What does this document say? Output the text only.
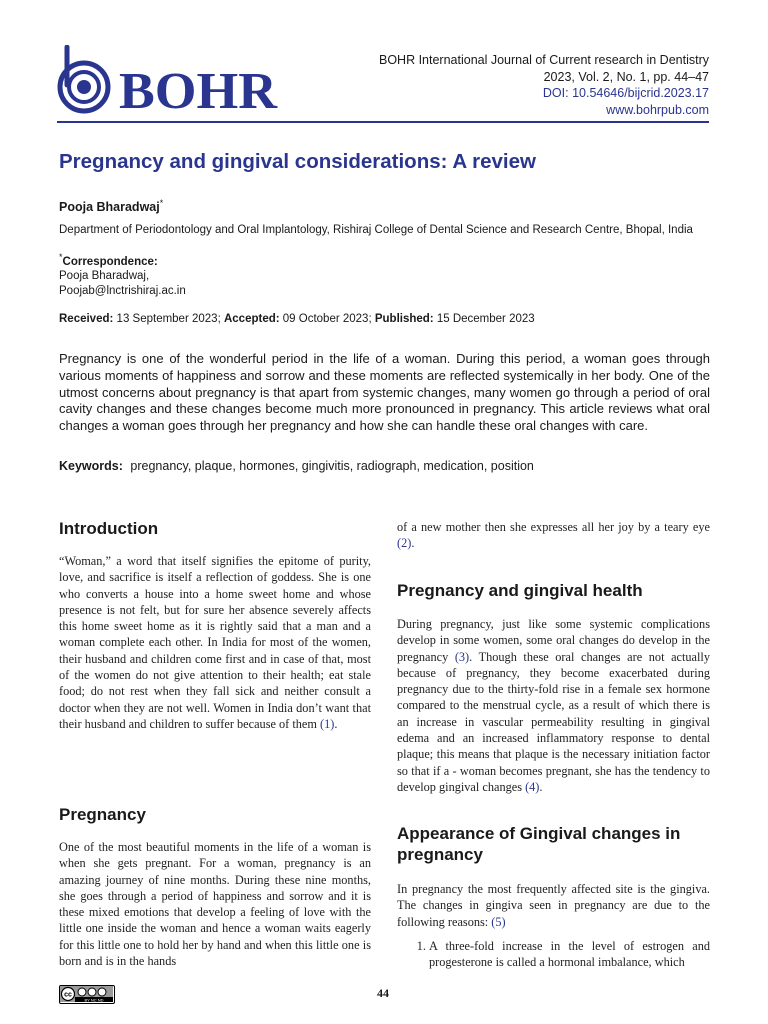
BOHR
BOHR International Journal of Current research in Dentistry
2023, Vol. 2, No. 1, pp. 44–47
DOI: 10.54646/bijcrid.2023.17
www.bohrpub.com
Pregnancy and gingival considerations: A review
Pooja Bharadwaj*
Department of Periodontology and Oral Implantology, Rishiraj College of Dental Science and Research Centre, Bhopal, India
*Correspondence:
Pooja Bharadwaj,
Poojab@lnctrishiraj.ac.in
Received: 13 September 2023; Accepted: 09 October 2023; Published: 15 December 2023

Pregnancy is one of the wonderful period in the life of a woman. During this period, a woman goes through various moments of happiness and sorrow and these moments are reflected systemically in her body. One of the utmost concerns about pregnancy is that apart from systemic changes, many women go through a period of oral cavity changes and these changes become much more pronounced in pregnancy. This article reviews what oral changes a woman goes through her pregnancy and how she can handle these oral changes with care.

Keywords: pregnancy, plaque, hormones, gingivitis, radiograph, medication, position
Introduction

“Woman,” a word that itself signifies the epitome of purity, love, and sacrifice is itself a reflection of goddess. She is one who converts a house into a home sweet home and whose presence is not felt, but for sure her absence severely affects this home sweet home as it is rightly said that a man and a woman complete each other. In India for most of the women, their husband and children come first and in case of that, most of the women do not give attention to their health; eat stale food; do not rest when they fall sick and neither consult a doctor when they are not well. Women in India don’t want that their husband and children to suffer because of them (1).

Pregnancy

One of the most beautiful moments in the life of a woman is when she gets pregnant. For a woman, pregnancy is an amazing journey of nine months. During these nine months, she goes through a period of happiness and sorrow and it is these mixed emotions that develop a feeling of love with the little one inside the woman and hence a woman waits eagerly for this little one to hold her by hand and when this little one is born and is in the hands

of a new mother then she expresses all her joy by a teary eye (2).

Pregnancy and gingival health

During pregnancy, just like some systemic complications develop in some women, some oral changes do develop in the pregnancy (3). Though these oral changes are not actually because of pregnancy, they become exacerbated during pregnancy due to the thirty-fold rise in a female sex hormone compared to the menstrual cycle, as a result of which there is an increase in vascular permeability resulting in gingival edema and an increased inflammatory response to dental plaque; this means that plaque is the necessary initiation factor so that if a - woman becomes pregnant, she has the tendency to develop gingival changes (4).

Appearance of Gingival changes in pregnancy

In pregnancy the most frequently affected site is the gingiva. The changes in gingiva seen in pregnancy are due to the following reasons: (5)

1. A three-fold increase in the level of estrogen and progesterone is called a hormonal imbalance, which
cc
BY NC ND	44
